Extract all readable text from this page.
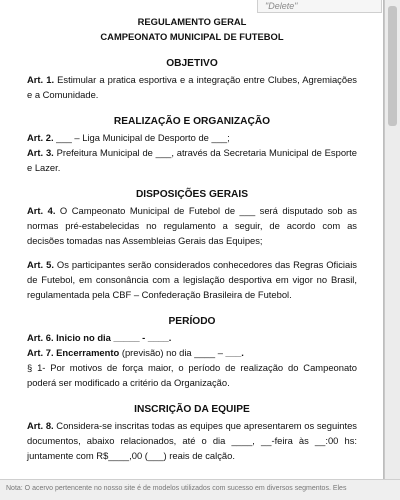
"Delete"
REGULAMENTO GERAL
CAMPEONATO MUNICIPAL DE FUTEBOL
OBJETIVO

Art. 1. Estimular a pratica esportiva e a integração entre Clubes, Agremiações e a Comunidade.

REALIZAÇÃO E ORGANIZAÇÃO

Art. 2. ___ – Liga Municipal de Desporto de ___;

Art. 3. Prefeitura Municipal de ___, através da Secretaria Municipal de Esporte e Lazer.

DISPOSIÇÕES GERAIS

Art. 4. O Campeonato Municipal de Futebol de ___ será disputado sob as normas pré-estabelecidas no regulamento a seguir, de acordo com as decisões tomadas nas Assembleias Gerais das Equipes;

Art. 5. Os participantes serão considerados conhecedores das Regras Oficiais de Futebol, em consonância com a legislação desportiva em vigor no Brasil, regulamentada pela CBF – Confederação Brasileira de Futebol.

PERÍODO

Art. 6. Inicio no dia _____ - ____.

Art. 7. Encerramento (previsão) no dia ____ – ___.

§ 1- Por motivos de força maior, o período de realização do Campeonato poderá ser modificado a critério da Organização.

INSCRIÇÃO DA EQUIPE

Art. 8. Considera-se inscritas todas as equipes que apresentarem os seguintes documentos, abaixo relacionados, até o dia ____, __-feira às __:00 hs: juntamente com R$____,00 (___) reais de calção.

Nota: O acervo pertencente no nosso site é de modelos utilizados com sucesso em diversos segmentos. Eles
